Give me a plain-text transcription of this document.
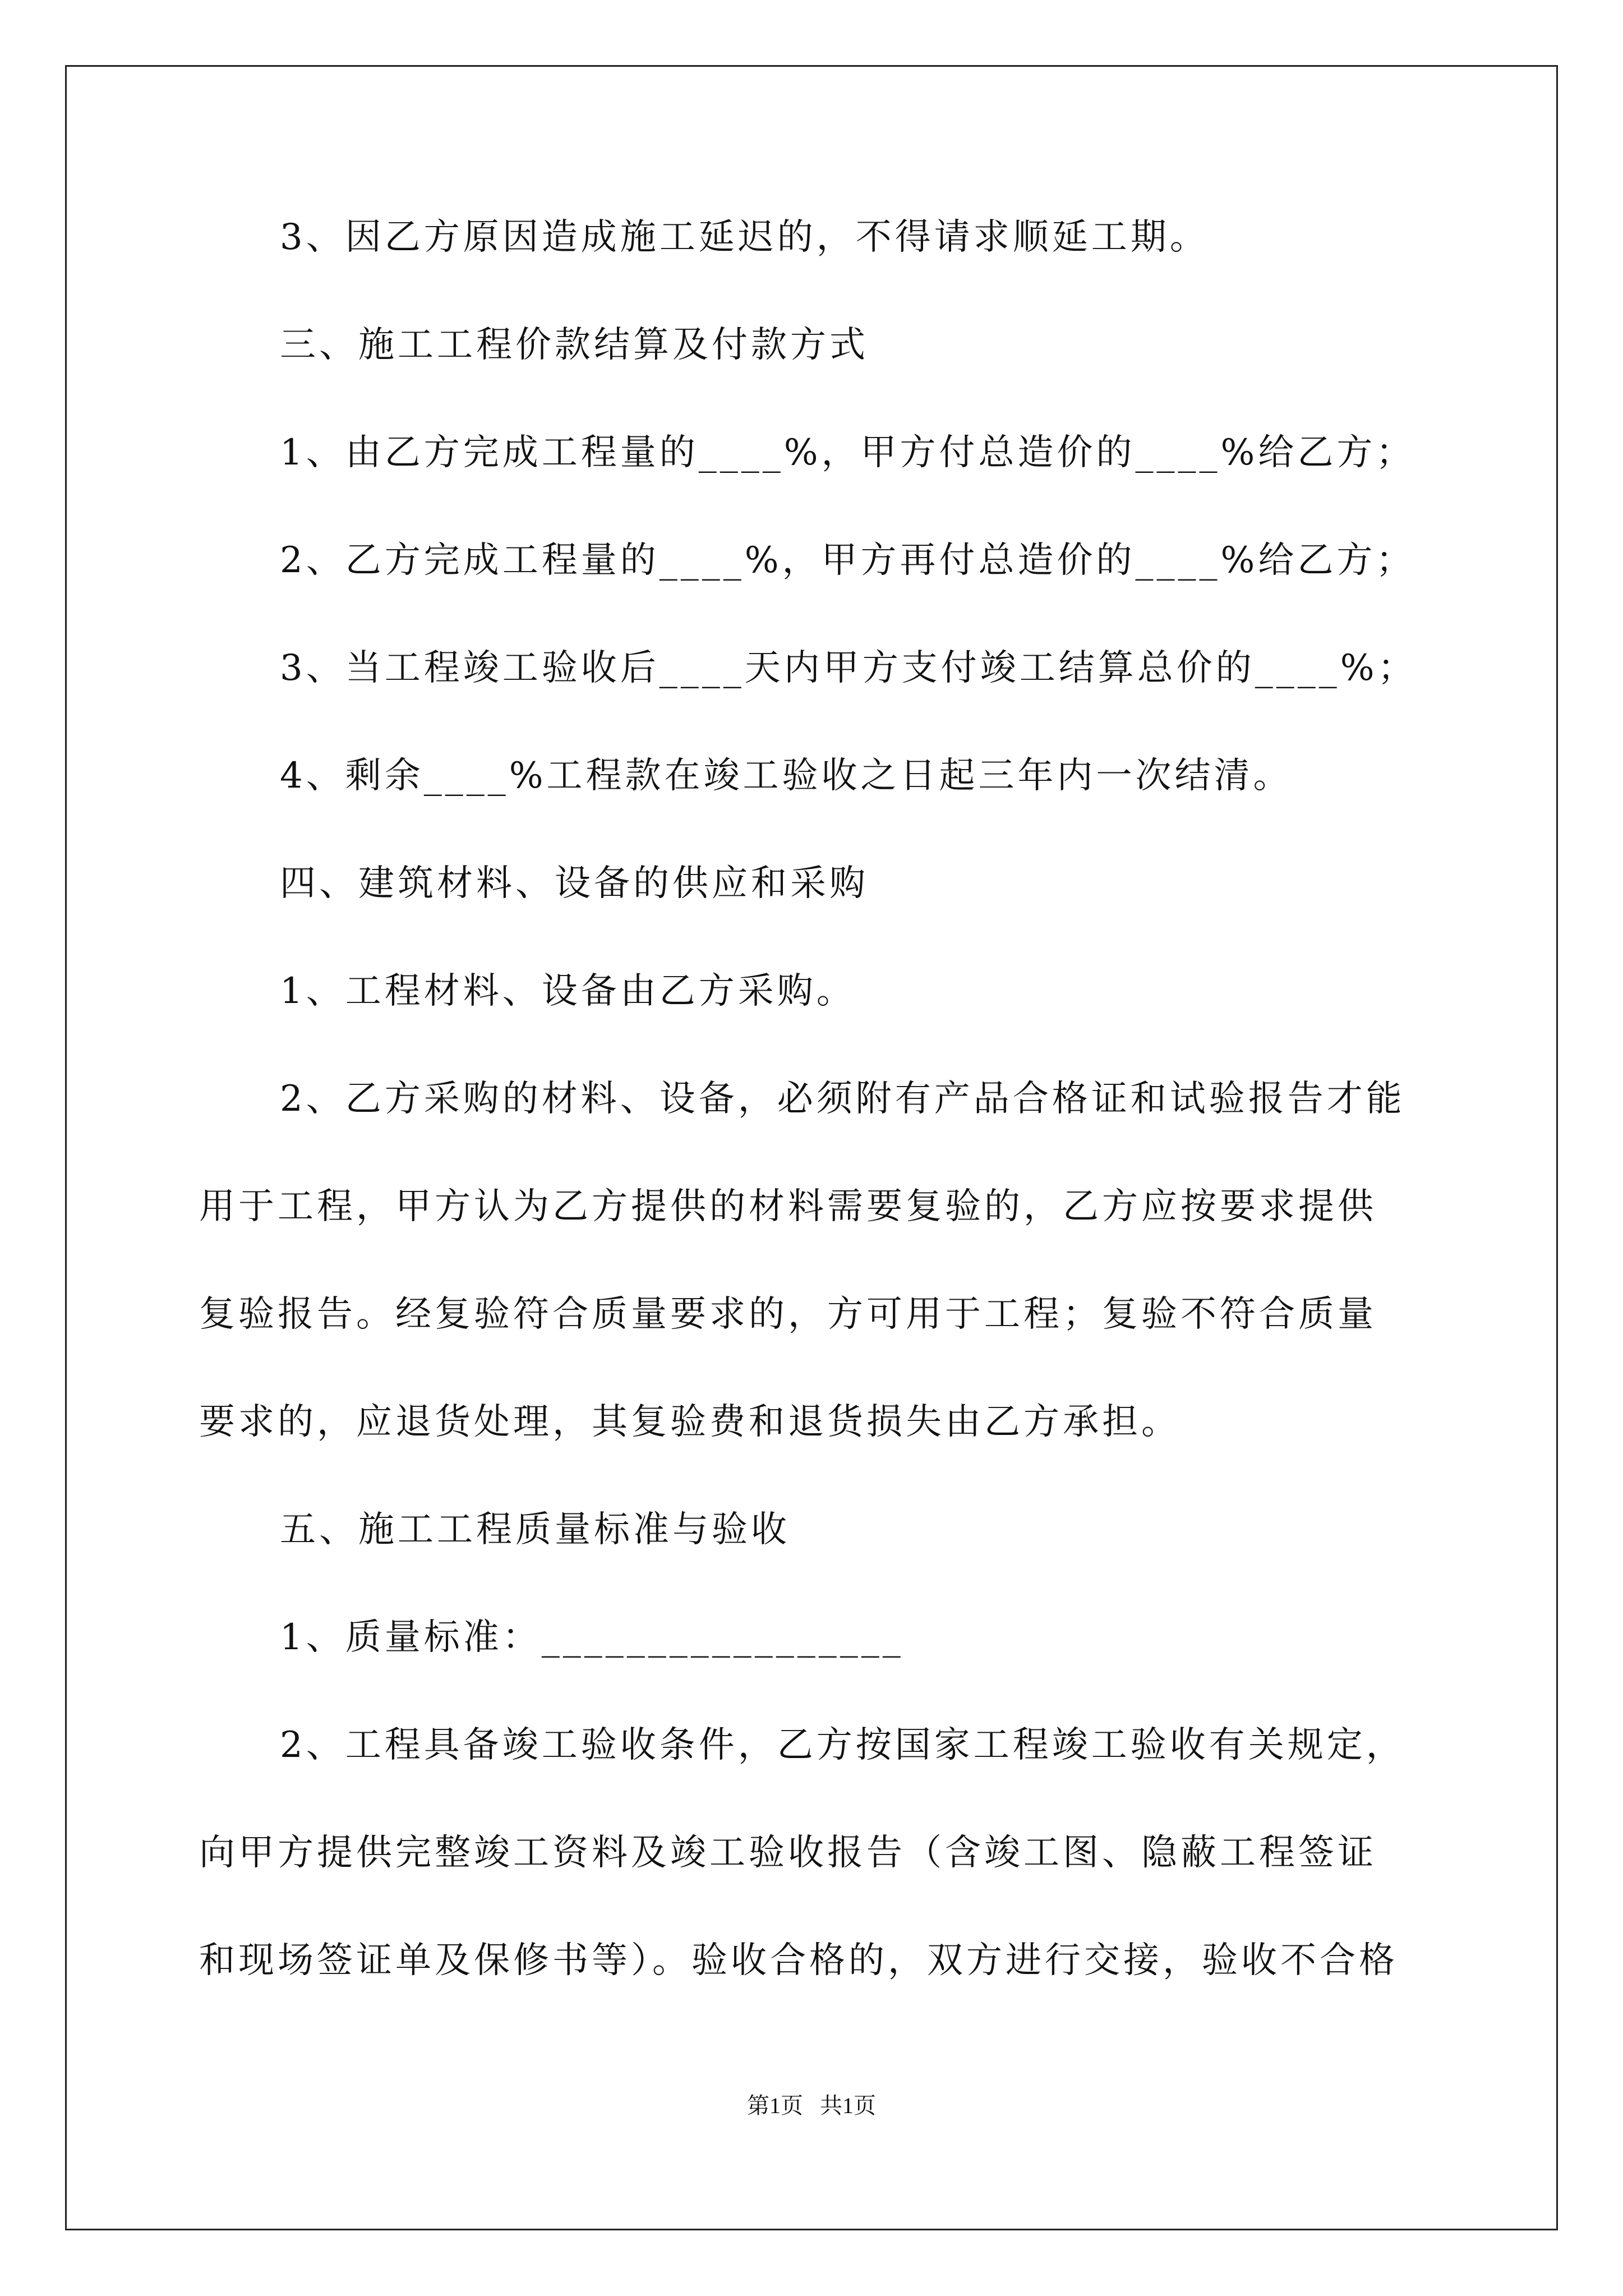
3、因乙方原因造成施工延迟的，不得请求顺延工期。
三、施工工程价款结算及付款方式
1、由乙方完成工程量的____%，甲方付总造价的____%给乙方；
2、乙方完成工程量的____%，甲方再付总造价的____%给乙方；
3、当工程竣工验收后____天内甲方支付竣工结算总价的____%；
4、剩余____%工程款在竣工验收之日起三年内一次结清。
四、建筑材料、设备的供应和采购
1、工程材料、设备由乙方采购。
2、乙方采购的材料、设备，必须附有产品合格证和试验报告才能
用于工程，甲方认为乙方提供的材料需要复验的，乙方应按要求提供
复验报告。经复验符合质量要求的，方可用于工程；复验不符合质量
要求的，应退货处理，其复验费和退货损失由乙方承担。
五、施工工程质量标准与验收
1、质量标准：_________________
2、工程具备竣工验收条件，乙方按国家工程竣工验收有关规定，
向甲方提供完整竣工资料及竣工验收报告（含竣工图、隐蔽工程签证
和现场签证单及保修书等）。验收合格的，双方进行交接，验收不合格
第1页   共1页
